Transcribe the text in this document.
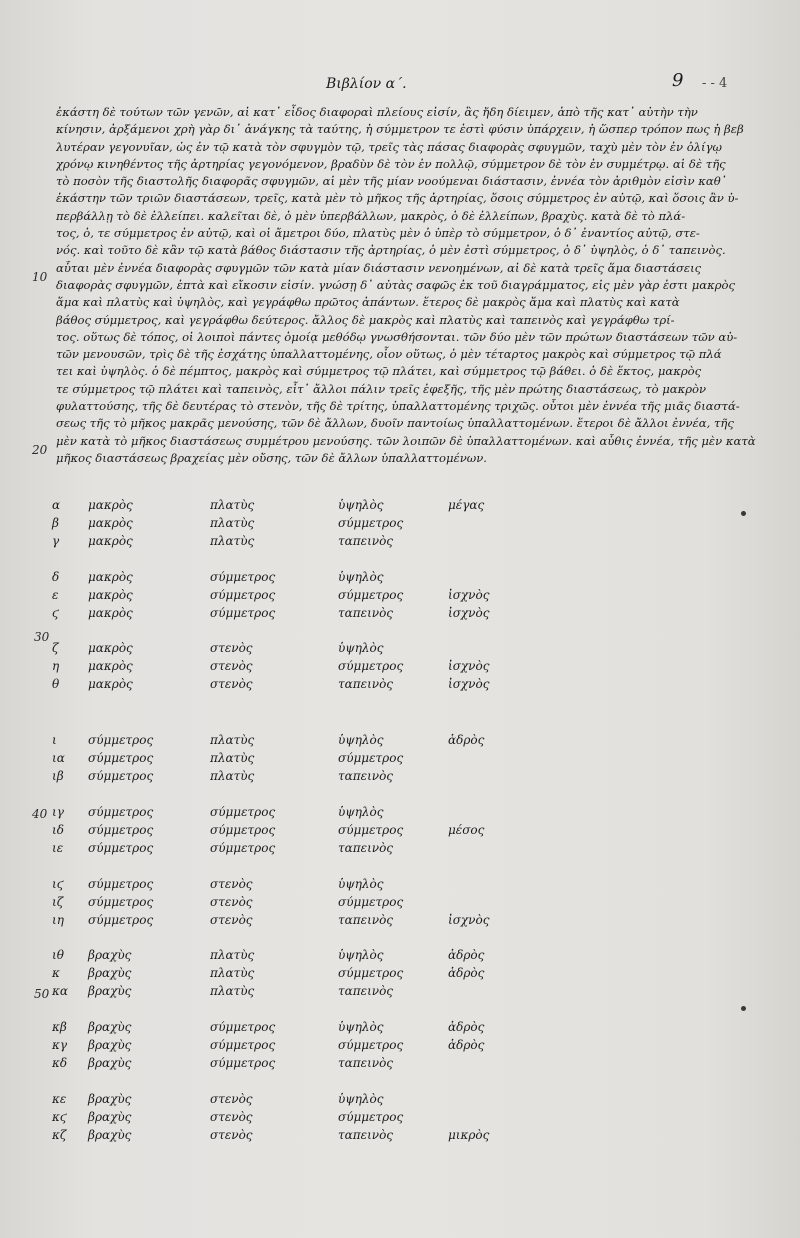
Βιβλίον α΄.	9 - - 4
ἐκάστη δὲ τούτων τῶν γενῶν, αἱ κατ᾽ εἶδος διαφοραὶ πλείους εἰσίν, ἃς ἤδη δίειμεν, ἀπὸ τῆς κατ᾽ αὐτὴν τὴν
κίνησιν, ἀρξάμενοι χρὴ γὰρ δι᾽ ἀνάγκης τὰ ταύτης, ἡ σύμμετρον τε ἐστὶ φύσιν ὑπάρχειν, ἡ ὥσπερ τρόπον πως ἡ βεβ
λυτέραν γεγονυῖαν, ὡς ἐν τῷ κατὰ τὸν σφυγμὸν τῷ, τρεῖς τὰς πάσας διαφορὰς σφυγμῶν, ταχὺ μὲν τὸν ἐν ὀλίγῳ
χρόνῳ κινηθέντος τῆς ἀρτηρίας γεγονόμενον, βραδὺν δὲ τὸν ἐν πολλῷ, σύμμετρον δὲ τὸν ἐν συμμέτρῳ. αἱ δὲ τῆς
τὸ ποσὸν τῆς διαστολῆς διαφορᾶς σφυγμῶν, αἱ μὲν τῆς μίαν νοούμεναι διάστασιν, ἐννέα τὸν ἀριθμὸν εἰσὶν καθ᾽
ἑκάστην τῶν τριῶν διαστάσεων, τρεῖς, κατὰ μὲν τὸ μῆκος τῆς ἀρτηρίας, ὅσοις σύμμετρος ἐν αὐτῷ, καὶ ὅσοις ἂν ὑ-
περβάλλῃ τὸ δὲ ἐλλείπει. καλεῖται δὲ, ὁ μὲν ὑπερβάλλων, μακρὸς, ὁ δὲ ἐλλείπων, βραχὺς. κατὰ δὲ τὸ πλά-
τος, ὁ, τε σύμμετρος ἐν αὐτῷ, καὶ οἱ ἄμετροι δύο, πλατὺς μὲν ὁ ὑπὲρ τὸ σύμμετρον, ὁ δ᾽ ἐναντίος αὐτῷ, στε-
νός. καὶ τοῦτο δὲ κἂν τῷ κατὰ βάθος διάστασιν τῆς ἀρτηρίας, ὁ μὲν ἐστὶ σύμμετρος, ὁ δ᾽ ὑψηλὸς, ὁ δ᾽ ταπεινὸς.
αὗται μὲν ἐννέα διαφορὰς σφυγμῶν τῶν κατὰ μίαν διάστασιν νενοημένων, αἱ δὲ κατὰ τρεῖς ἅμα διαστάσεις
διαφορὰς σφυγμῶν, ἑπτὰ καὶ εἴκοσιν εἰσίν. γνώσῃ δ᾽ αὐτὰς σαφῶς ἐκ τοῦ διαγράμματος, εἰς μὲν γὰρ ἐστι μακρὸς
ἅμα καὶ πλατὺς καὶ ὑψηλὸς, καὶ γεγράφθω πρῶτος ἁπάντων. ἕτερος δὲ μακρὸς ἅμα καὶ πλατὺς καὶ κατὰ
βάθος σύμμετρος, καὶ γεγράφθω δεύτερος. ἄλλος δὲ μακρὸς καὶ πλατὺς καὶ ταπεινὸς καὶ γεγράφθω τρί-
τος. οὕτως δὲ τόπος, οἱ λοιποὶ πάντες ὁμοίᾳ μεθόδῳ γνωσθήσονται. τῶν δύο μὲν τῶν πρώτων διαστάσεων τῶν αὐ-
τῶν μενουσῶν, τρὶς δὲ τῆς ἐσχάτης ὑπαλλαττομένης, οἷον οὕτως, ὁ μὲν τέταρτος μακρὸς καὶ σύμμετρος τῷ πλά
τει καὶ ὑψηλὸς. ὁ δὲ πέμπτος, μακρὸς καὶ σύμμετρος τῷ πλάτει, καὶ σύμμετρος τῷ βάθει. ὁ δὲ ἕκτος, μακρὸς
τε σύμμετρος τῷ πλάτει καὶ ταπεινὸς, εἶτ᾽ ἄλλοι πάλιν τρεῖς ἐφεξῆς, τῆς μὲν πρώτης διαστάσεως, τὸ μακρὸν
φυλαττούσης, τῆς δὲ δευτέρας τὸ στενὸν, τῆς δὲ τρίτης, ὑπαλλαττομένης τριχῶς. οὗτοι μὲν ἐννέα τῆς μιᾶς διαστά-
σεως τῆς τὸ μῆκος μακρᾶς μενούσης, τῶν δὲ ἄλλων, δυοῖν παντοίως ὑπαλλαττομένων. ἕτεροι δὲ ἄλλοι ἐννέα, τῆς
μὲν κατὰ τὸ μῆκος διαστάσεως συμμέτρου μενούσης. τῶν λοιπῶν δὲ ὑπαλλαττομένων. καὶ αὖθις ἐννέα, τῆς μὲν κατὰ
μῆκος διαστάσεως βραχείας μὲν οὔσης, τῶν δὲ ἄλλων ὑπαλλαττομένων.
10
20
30
40
50
α μακρὸς	πλατὺς	ὑψηλὸς	μέγας
β μακρὸς	πλατὺς	σύμμετρος
γ μακρὸς	πλατὺς	ταπεινὸς
δ μακρὸς	σύμμετρος	ὑψηλὸς
ε μακρὸς	σύμμετρος	σύμμετρος	ἰσχνὸς
ϛ μακρὸς	σύμμετρος	ταπεινὸς	ἰσχνὸς
ζ μακρὸς	στενὸς	ὑψηλὸς
η μακρὸς	στενὸς	σύμμετρος	ἰσχνὸς
θ μακρὸς	στενὸς	ταπεινὸς	ἰσχνὸς
ι	σύμμετρος	πλατὺς	ὑψηλὸς	ἁδρὸς
ια σύμμετρος	πλατὺς	σύμμετρος
ιβ σύμμετρος	πλατὺς	ταπεινὸς
ιγ σύμμετρος	σύμμετρος	ὑψηλὸς
ιδ σύμμετρος	σύμμετρος	σύμμετρος	μέσος
ιε σύμμετρος	σύμμετρος	ταπεινὸς
ιϛ σύμμετρος	στενὸς	ὑψηλὸς
ιζ σύμμετρος	στενὸς	σύμμετρος
ιη σύμμετρος	στενὸς	ταπεινὸς	ἰσχνὸς
ιθ βραχὺς	πλατὺς	ὑψηλὸς	ἁδρὸς
κ βραχὺς	πλατὺς	σύμμετρος	ἁδρὸς
κα βραχὺς	πλατὺς	ταπεινὸς
κβ βραχὺς	σύμμετρος	ὑψηλὸς	ἁδρὸς
κγ βραχὺς	σύμμετρος	σύμμετρος	ἁδρὸς
κδ βραχὺς	σύμμετρος	ταπεινὸς
κε βραχὺς	στενὸς	ὑψηλὸς
κϛ βραχὺς	στενὸς	σύμμετρος
κζ βραχὺς	στενὸς	ταπεινὸς	μικρὸς
